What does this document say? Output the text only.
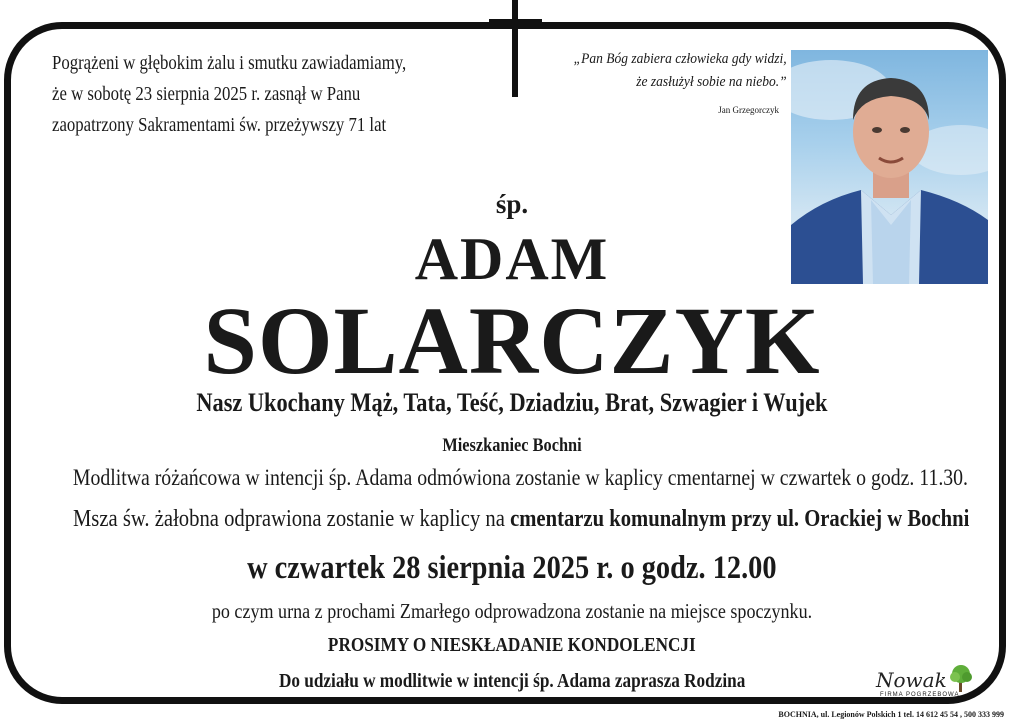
Pogrążeni w głębokim żalu i smutku zawiadamiamy,
że w sobotę 23 sierpnia 2025 r. zasnął w Panu
zaopatrzony Sakramentami św. przeżywszy 71 lat
„Pan Bóg zabiera człowieka gdy widzi,
że zasłużył sobie na niebo.”
Jan Grzegorczyk
śp.
ADAM
SOLARCZYK
Nasz Ukochany Mąż, Tata, Teść, Dziadziu, Brat, Szwagier i Wujek
Mieszkaniec Bochni
Modlitwa różańcowa w intencji śp. Adama odmówiona zostanie w kaplicy cmentarnej w czwartek o godz. 11.30.
Msza św. żałobna odprawiona zostanie w kaplicy na cmentarzu komunalnym przy ul. Orackiej w Bochni
w czwartek 28 sierpnia 2025 r. o godz. 12.00
po czym urna z prochami Zmarłego odprowadzona zostanie na miejsce spoczynku.
PROSIMY O NIESKŁADANIE KONDOLENCJI
Do udziału w modlitwie w intencji śp. Adama zaprasza Rodzina	Nowak
FIRMA POGRZEBOWA
BOCHNIA, ul. Legionów Polskich 1 tel. 14 612 45 54 , 500 333 999
